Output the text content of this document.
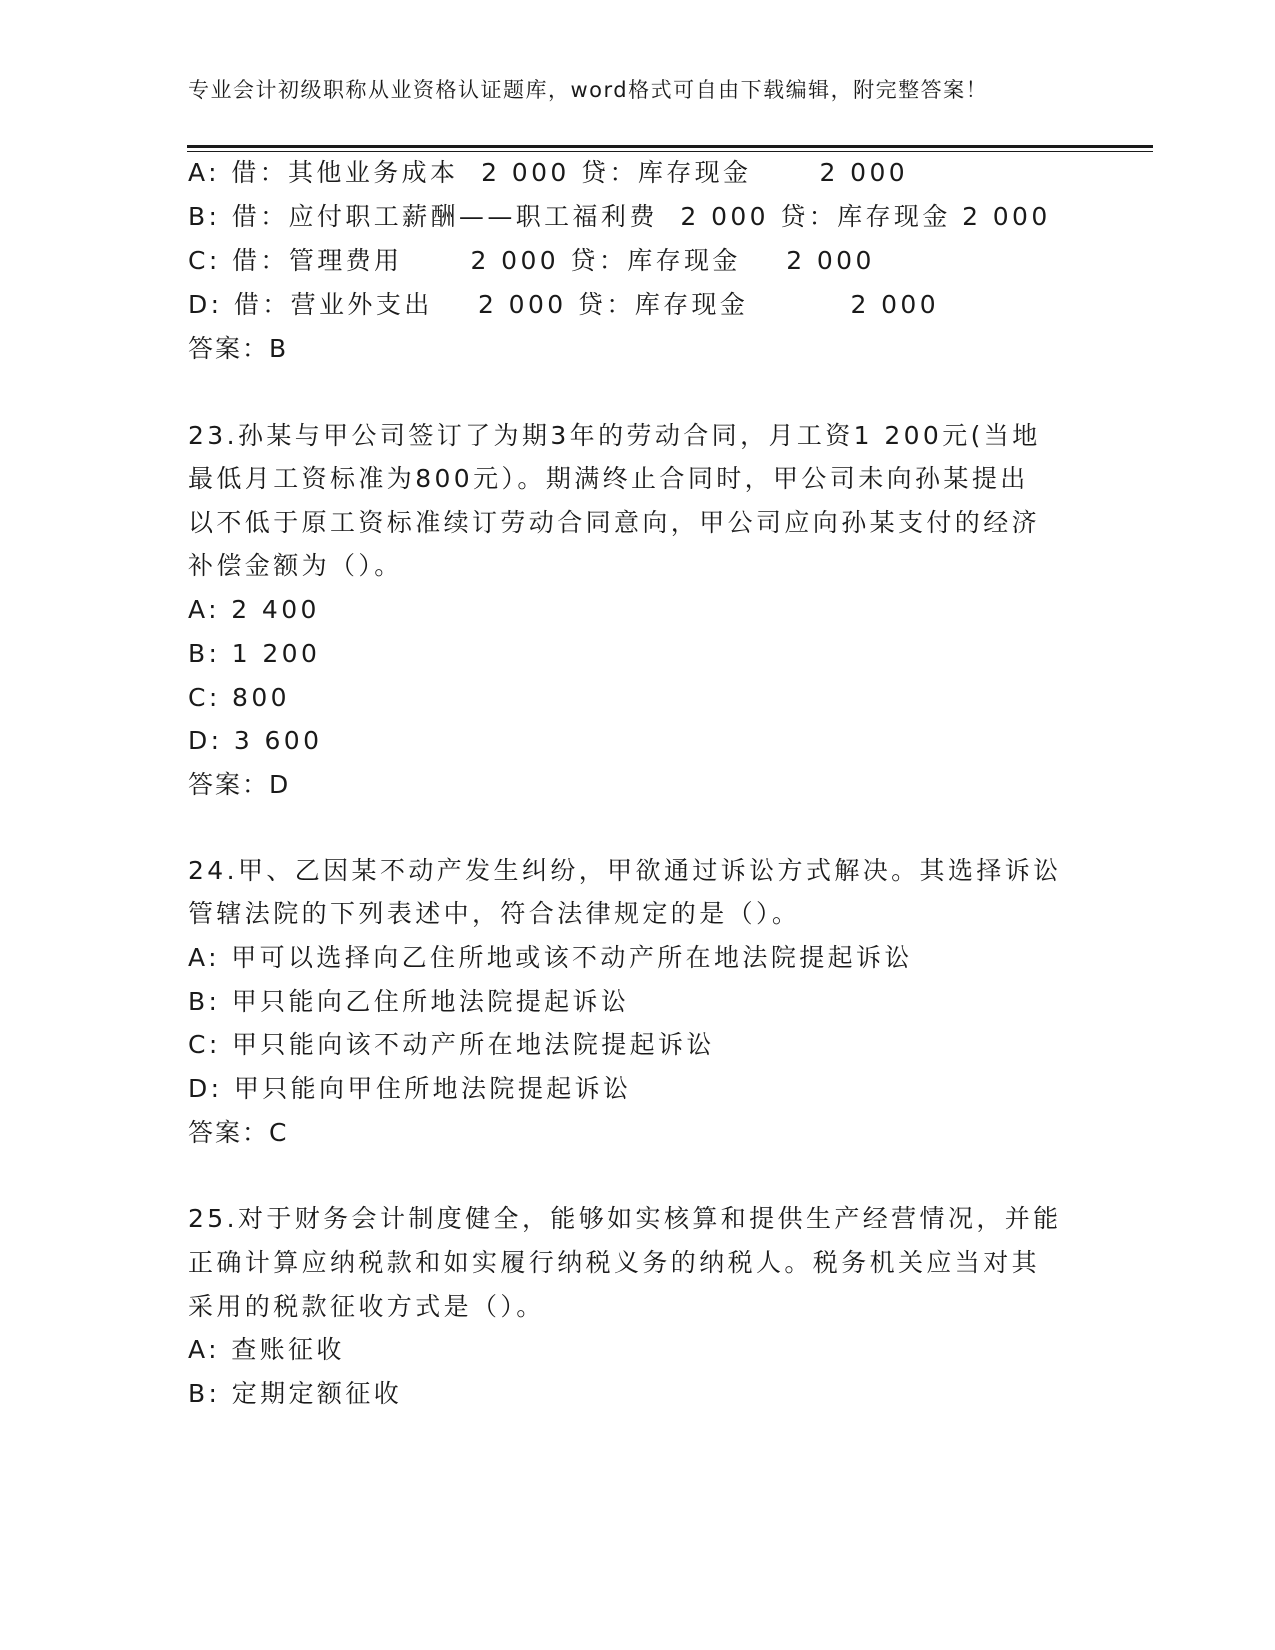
专业会计初级职称从业资格认证题库，word格式可自由下载编辑，附完整答案！
A: 借：其他业务成本  2 000 贷：库存现金      2 000
B: 借：应付职工薪酬——职工福利费  2 000 贷：库存现金 2 000
C: 借：管理费用      2 000 贷：库存现金    2 000
D: 借：营业外支出    2 000 贷：库存现金         2 000
答案：B
23.孙某与甲公司签订了为期3年的劳动合同，月工资1 200元(当地
最低月工资标准为800元）。期满终止合同时，甲公司未向孙某提出
以不低于原工资标准续订劳动合同意向，甲公司应向孙某支付的经济
补偿金额为（）。
A: 2 400
B: 1 200
C: 800
D: 3 600
答案：D
24.甲、乙因某不动产发生纠纷，甲欲通过诉讼方式解决。其选择诉讼
管辖法院的下列表述中，符合法律规定的是（）。
A: 甲可以选择向乙住所地或该不动产所在地法院提起诉讼
B: 甲只能向乙住所地法院提起诉讼
C: 甲只能向该不动产所在地法院提起诉讼
D: 甲只能向甲住所地法院提起诉讼
答案：C
25.对于财务会计制度健全，能够如实核算和提供生产经营情况，并能
正确计算应纳税款和如实履行纳税义务的纳税人。税务机关应当对其
采用的税款征收方式是（）。
A: 查账征收
B: 定期定额征收
